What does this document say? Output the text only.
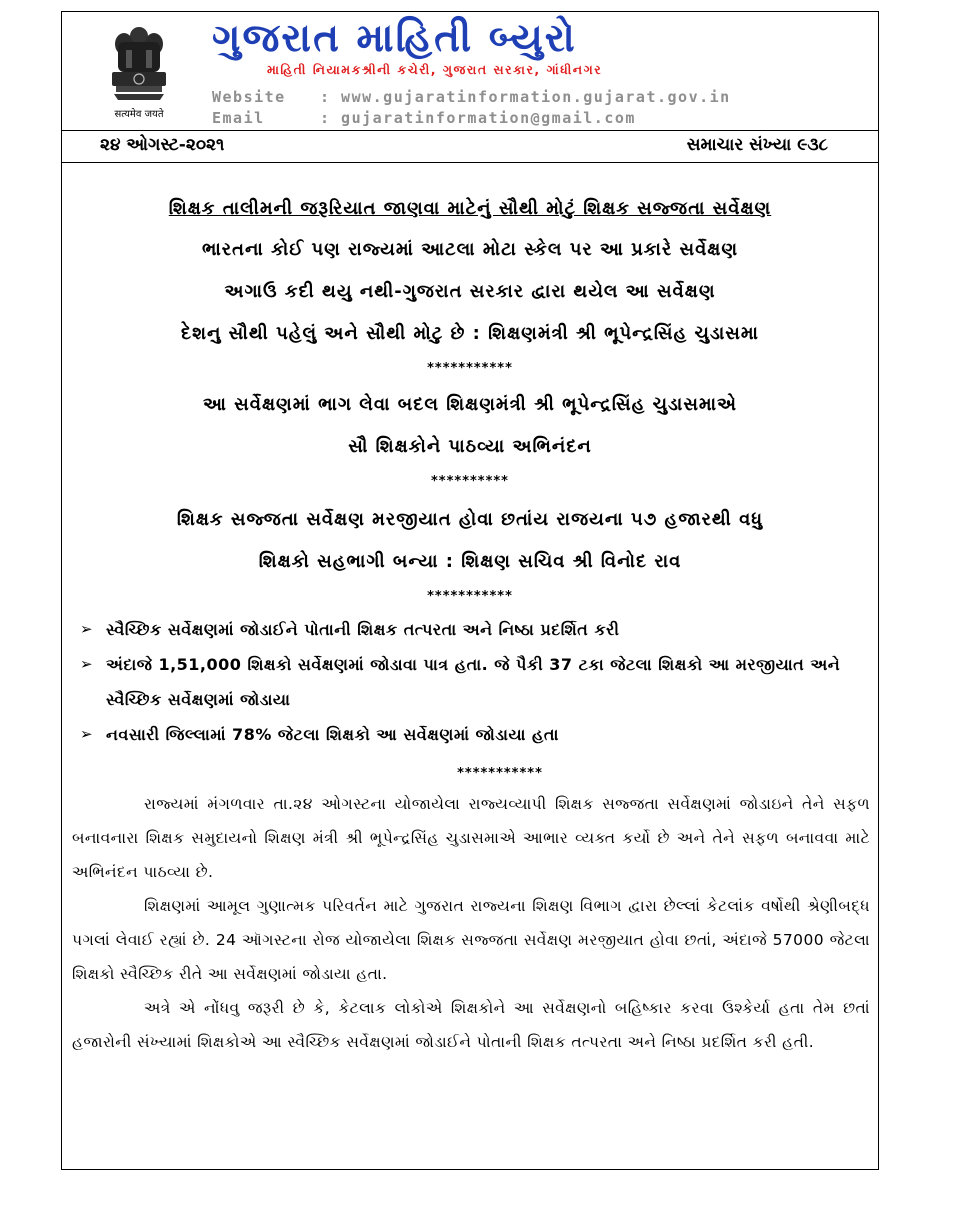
सत्यमेव जयते
ગુજરાત માહિતી બ્યુરો
માહિતી નિયામકશ્રીની કચેરી, ગુજરાત સરકાર, ગાંધીનગર
Website : www.gujaratinformation.gujarat.gov.in
Email	: gujaratinformation@gmail.com
૨૪ ઓગસ્ટ-૨૦૨૧	સમાચાર સંખ્યા ૯૩૮
શિક્ષક તાલીમની જરૂરિયાત જાણવા માટેનું સૌથી મોટું શિક્ષક સજ્જતા સર્વેક્ષણ
ભારતના કોઈ પણ રાજ્યમાં આટલા મોટા સ્કેલ પર આ પ્રકારે સર્વેક્ષણ
અગાઉ કદી થયુ નથી-ગુજરાત સરકાર દ્વારા થયેલ આ સર્વેક્ષણ
દેશનુ સૌથી પહેલું અને સૌથી મોટુ છે : શિક્ષણમંત્રી શ્રી ભૂપેન્દ્રસિંહ ચુડાસમા
***********
આ સર્વેક્ષણમાં ભાગ લેવા બદલ શિક્ષણમંત્રી શ્રી ભૂપેન્દ્રસિંહ ચુડાસમાએ
સૌ શિક્ષકોને પાઠવ્યા અભિનંદન
**********
શિક્ષક સજ્જતા સર્વેક્ષણ મરજીયાત હોવા છતાંય રાજયના ૫૭ હજારથી વધુ
શિક્ષકો સહભાગી બન્યા : શિક્ષણ સચિવ શ્રી વિનોદ રાવ
***********
➢ સ્વૈચ્છિક સર્વેક્ષણમાં જોડાઈને પોતાની શિક્ષક તત્પરતા અને નિષ્ઠા પ્રદર્શિત કરી
➢ અંદાજે 1,51,000 શિક્ષકો સર્વેક્ષણમાં જોડાવા પાત્ર હતા. જે પૈકી 37 ટકા જેટલા શિક્ષકો આ મરજીયાત અને સ્વૈચ્છિક સર્વેક્ષણમાં જોડાયા
➢ નવસારી જિલ્લામાં 78% જેટલા શિક્ષકો આ સર્વેક્ષણમાં જોડાયા હતા
***********

રાજ્યમાં મંગળવાર તા.૨૪ ઓગસ્ટના યોજાયેલા રાજ્યવ્યાપી શિક્ષક સજ્જતા સર્વેક્ષણમાં જોડાઇને તેને સફળ બનાવનારા શિક્ષક સમુદાયનો શિક્ષણ મંત્રી શ્રી ભૂપેન્દ્રસિંહ ચુડાસમાએ આભાર વ્યક્ત કર્યો છે અને તેને સફળ બનાવવા માટે અભિનંદન પાઠવ્યા છે.

શિક્ષણમાં આમૂલ ગુણાત્મક પરિવર્તન માટે ગુજરાત રાજ્યના શિક્ષણ વિભાગ દ્વારા છેલ્લાં કેટલાંક વર્ષોથી શ્રેણીબદ્ધ પગલાં લેવાઈ રહ્યાં છે. 24 ઑગસ્ટના રોજ યોજાયેલા શિક્ષક સજ્જતા સર્વેક્ષણ મરજીયાત હોવા છતાં, અંદાજે 57000 જેટલા શિક્ષકો સ્વૈચ્છિક રીતે આ સર્વેક્ષણમાં જોડાયા હતા.

અત્રે એ નોંધવુ જરૂરી છે કે, કેટલાક લોકોએ શિક્ષકોને આ સર્વેક્ષણનો બહિષ્કાર કરવા ઉશ્કેર્યા હતા તેમ છતાં હજારોની સંખ્યામાં શિક્ષકોએ આ સ્વૈચ્છિક સર્વેક્ષણમાં જોડાઈને પોતાની શિક્ષક તત્પરતા અને નિષ્ઠા પ્રદર્શિત કરી હતી.
